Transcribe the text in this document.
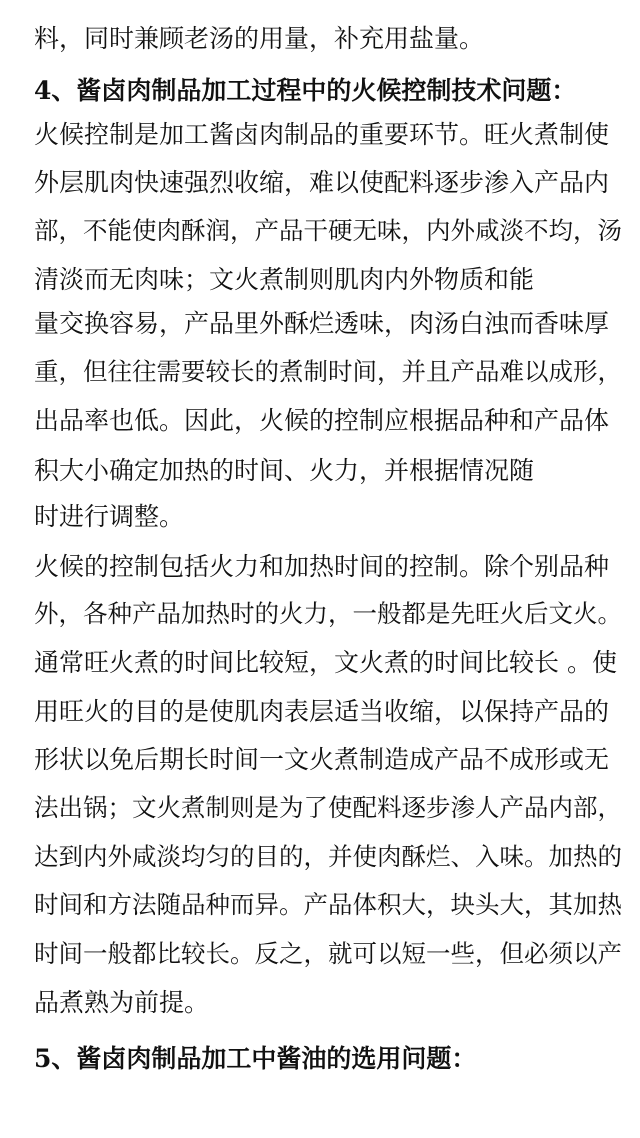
料，同时兼顾老汤的用量，补充用盐量。
4、酱卤肉制品加工过程中的火候控制技术问题：
火候控制是加工酱卤肉制品的重要环节。旺火煮制使
外层肌肉快速强烈收缩，难以使配料逐步渗入产品内
部，不能使肉酥润，产品干硬无味，内外咸淡不均，汤
清淡而无肉味；文火煮制则肌肉内外物质和能
量交换容易，产品里外酥烂透味，肉汤白浊而香味厚
重，但往往需要较长的煮制时间，并且产品难以成形，
出品率也低。因此，火候的控制应根据品种和产品体
积大小确定加热的时间、火力，并根据情况随
时进行调整。
火候的控制包括火力和加热时间的控制。除个别品种
外，各种产品加热时的火力，一般都是先旺火后文火。
通常旺火煮的时间比较短，文火煮的时间比较长 。使
用旺火的目的是使肌肉表层适当收缩，以保持产品的
形状以免后期长时间一文火煮制造成产品不成形或无
法出锅；文火煮制则是为了使配料逐步渗人产品内部，
达到内外咸淡均匀的目的，并使肉酥烂、入味。加热的
时间和方法随品种而异。产品体积大，块头大，其加热
时间一般都比较长。反之，就可以短一些，但必须以产
品煮熟为前提。
5、酱卤肉制品加工中酱油的选用问题：
